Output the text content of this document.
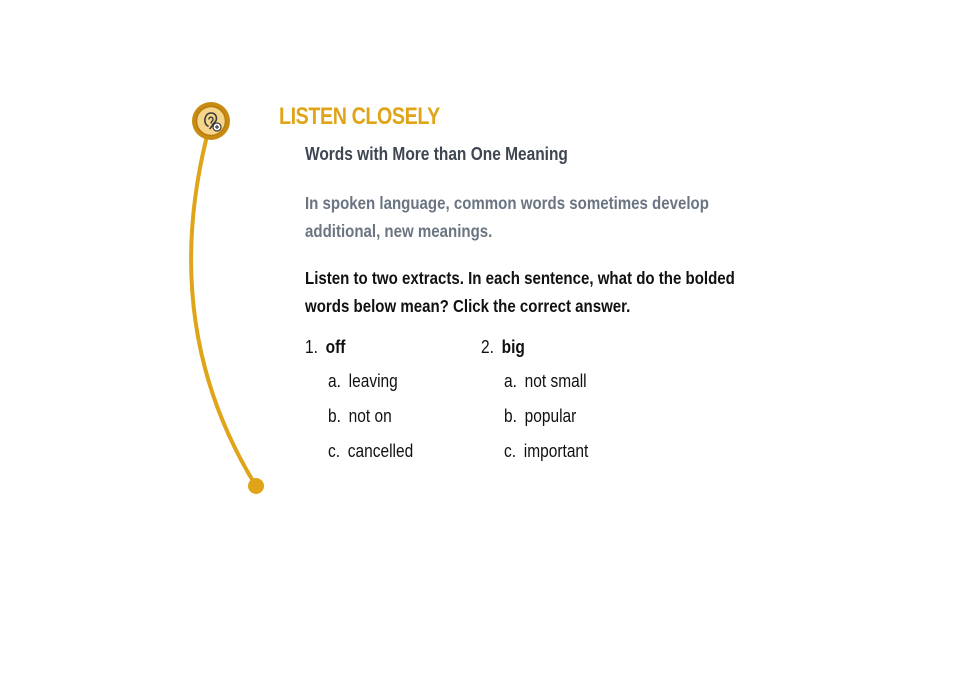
LISTEN CLOSELY
Words with More than One Meaning
In spoken language, common words sometimes develop additional, new meanings.
Listen to two extracts. In each sentence, what do the bolded words below mean? Click the correct answer.
1. off
a. leaving
b. not on
c. cancelled
2. big
a. not small
b. popular
c. important
